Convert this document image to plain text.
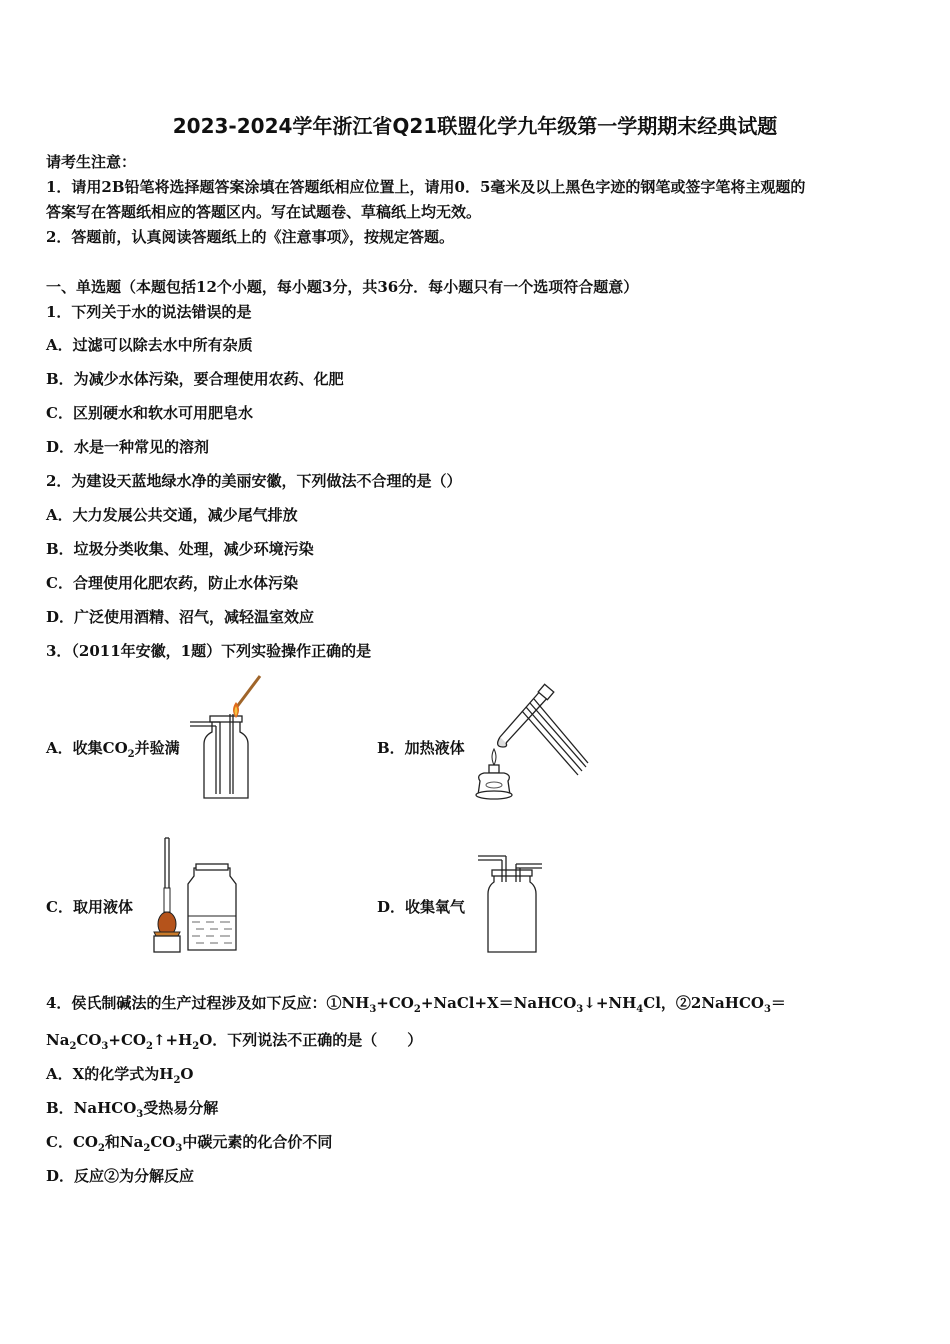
2023-2024学年浙江省Q21联盟化学九年级第一学期期末经典试题
请考生注意：
1．请用2B铅笔将选择题答案涂填在答题纸相应位置上，请用0．5毫米及以上黑色字迹的钢笔或签字笔将主观题的
答案写在答题纸相应的答题区内。写在试题卷、草稿纸上均无效。
2．答题前，认真阅读答题纸上的《注意事项》，按规定答题。
一、单选题（本题包括12个小题，每小题3分，共36分．每小题只有一个选项符合题意）
1．下列关于水的说法错误的是
A．过滤可以除去水中所有杂质
B．为减少水体污染，要合理使用农药、化肥
C．区别硬水和软水可用肥皂水
D．水是一种常见的溶剂
2．为建设天蓝地绿水净的美丽安徽，下列做法不合理的是（）
A．大力发展公共交通，减少尾气排放
B．垃圾分类收集、处理，减少环境污染
C．合理使用化肥农药，防止水体污染
D．广泛使用酒精、沼气，减轻温室效应
3．（2011年安徽，1题）下列实验操作正确的是
A．收集$CO_2$并验满	B．加热液体
C．取用液体	D．收集氧气
4．侯氏制碱法的生产过程涉及如下反应：$①NH_3+CO_2+NaCl+X=NaHCO_3↓+NH_4Cl$，②2NaHCO$_3$＝
$Na_2CO_3+CO_2↑+H_2O$．下列说法不正确的是（　　）
A．X的化学式为$H_2O$
B．NaHCO$_3$受热易分解
C．$CO_2$和$Na_2CO_3$中碳元素的化合价不同
D．反应②为分解反应
